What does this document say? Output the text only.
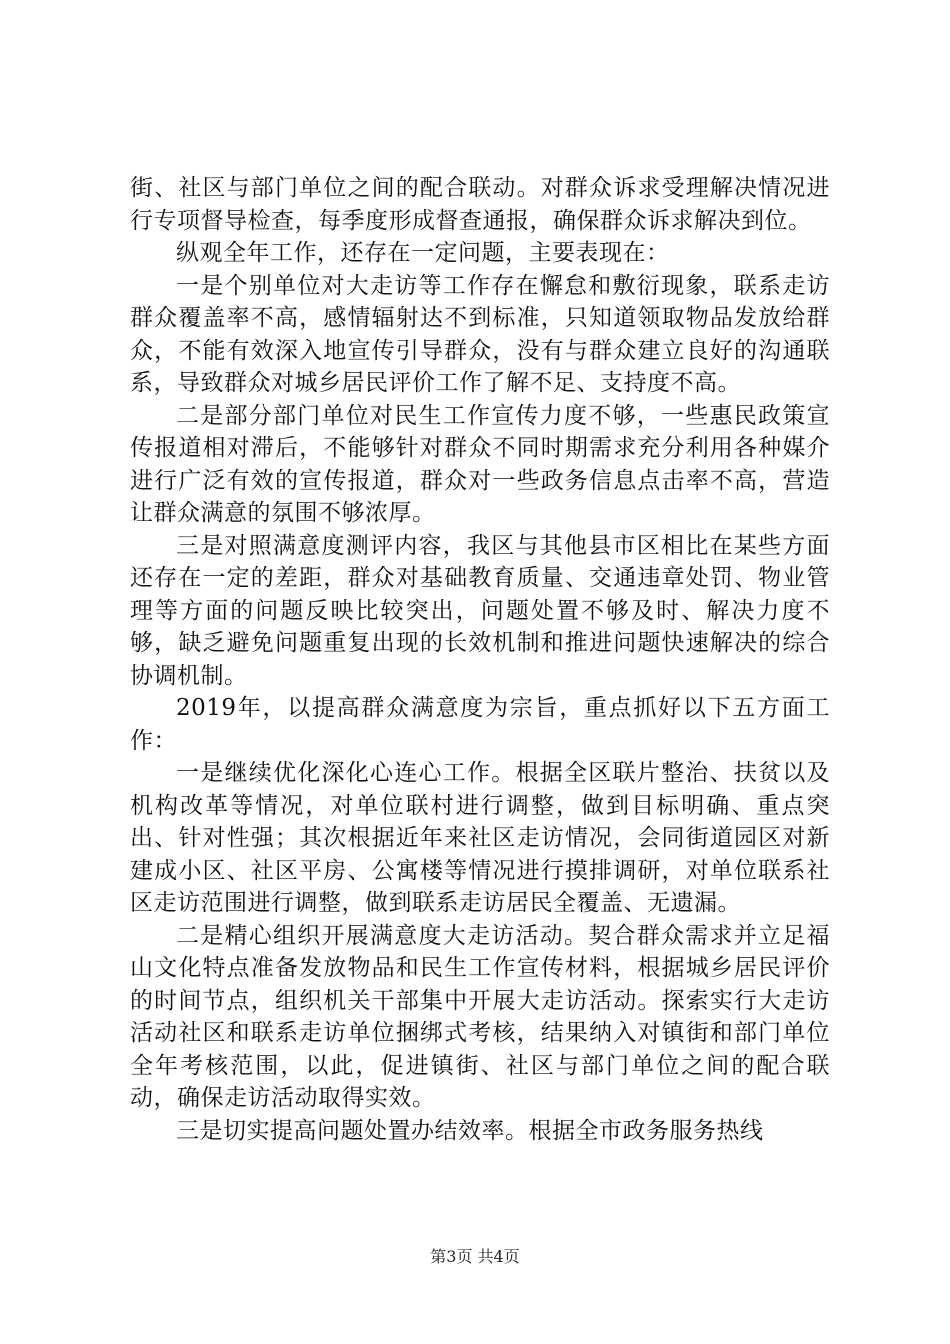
街、社区与部门单位之间的配合联动。对群众诉求受理解决情况进行专项督导检查，每季度形成督查通报，确保群众诉求解决到位。

纵观全年工作，还存在一定问题，主要表现在：

一是个别单位对大走访等工作存在懈怠和敷衍现象，联系走访群众覆盖率不高，感情辐射达不到标准，只知道领取物品发放给群众，不能有效深入地宣传引导群众，没有与群众建立良好的沟通联系，导致群众对城乡居民评价工作了解不足、支持度不高。

二是部分部门单位对民生工作宣传力度不够，一些惠民政策宣传报道相对滞后，不能够针对群众不同时期需求充分利用各种媒介进行广泛有效的宣传报道，群众对一些政务信息点击率不高，营造让群众满意的氛围不够浓厚。

三是对照满意度测评内容，我区与其他县市区相比在某些方面还存在一定的差距，群众对基础教育质量、交通违章处罚、物业管理等方面的问题反映比较突出，问题处置不够及时、解决力度不够，缺乏避免问题重复出现的长效机制和推进问题快速解决的综合协调机制。

2019年，以提高群众满意度为宗旨，重点抓好以下五方面工作：

一是继续优化深化心连心工作。根据全区联片整治、扶贫以及机构改革等情况，对单位联村进行调整，做到目标明确、重点突出、针对性强；其次根据近年来社区走访情况，会同街道园区对新建成小区、社区平房、公寓楼等情况进行摸排调研，对单位联系社区走访范围进行调整，做到联系走访居民全覆盖、无遗漏。

二是精心组织开展满意度大走访活动。契合群众需求并立足福山文化特点准备发放物品和民生工作宣传材料，根据城乡居民评价的时间节点，组织机关干部集中开展大走访活动。探索实行大走访活动社区和联系走访单位捆绑式考核，结果纳入对镇街和部门单位全年考核范围，以此，促进镇街、社区与部门单位之间的配合联动，确保走访活动取得实效。

三是切实提高问题处置办结效率。根据全市政务服务热线

第3页 共4页
